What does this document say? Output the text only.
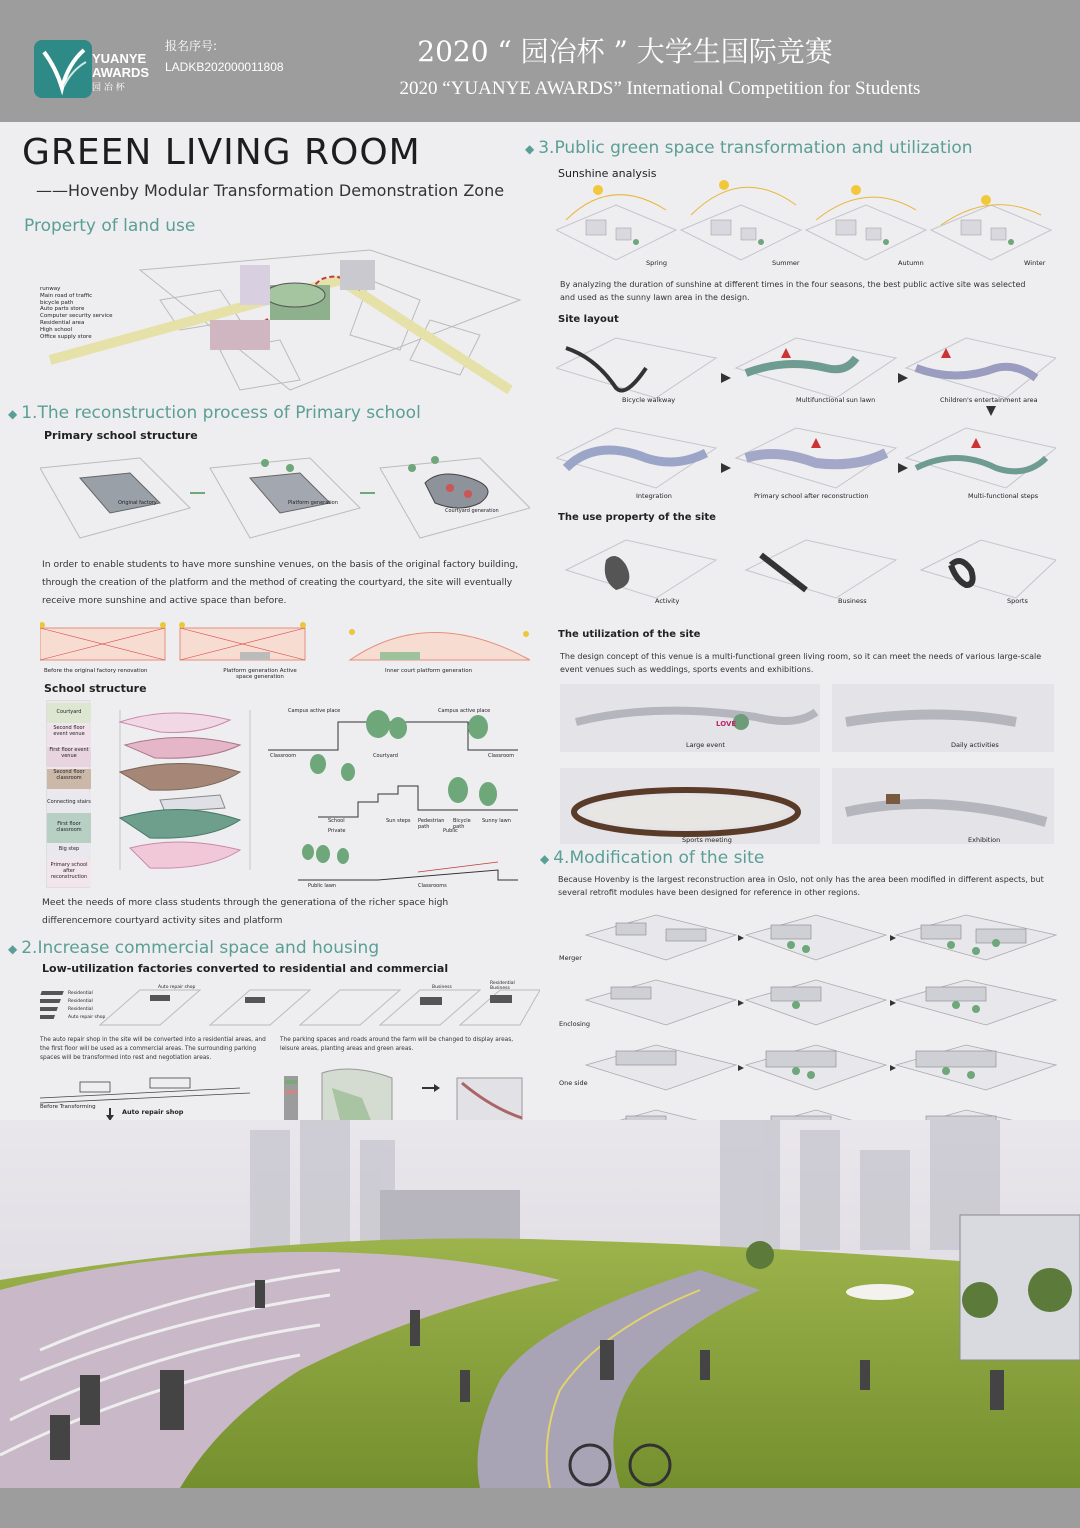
YUANYE
AWARDS
园 冶 杯
报名序号:
LADKB202000011808	2020 “ 园冶杯 ” 大学生国际竞赛
2020 “YUANYE AWARDS” International Competition for Students
GREEN LIVING ROOM
——Hovenby Modular Transformation Demonstration Zone
Property of land use
runway
Main road of traffic
bicycle path
Auto parts store
Computer security service
Residential area
High school
Office supply store
◆ 1.The reconstruction process of Primary school
Primary school structure
Original factory	Platform generation
Courtyard generation
In order to enable students to have more sunshine venues, on the basis of the original factory building, through the creation of the platform and the method of creating the courtyard, the site will eventually receive more sunshine and active space than before.
Before the original factory renovation	Platform generation Active space generation
Inner court platform generation
School structure
Courtyard
Second floor event venue
First floor event venue
Second floor classroom
Connecting stairs
First floor classroom
Big step
Primary school after reconstruction
Campus active place	Campus active place
Classroom	Courtyard	Classroom
School	Sun steps Pedestrian path
Bicycle path
Sunny lawn
Private	Public
Public lawn	Classrooms
Meet the needs of more class students through the generationa of the richer space high differencemore courtyard activity sites and platform
◆ 2.Increase commercial space and housing
Low-utilization factories converted to residential and commercial
Residential
Residential
Residential
Auto repair shop
Auto repair shop	Business
Residential Business
The auto repair shop in the site will be converted into a residential areas, and the first floor will be used as a commercial areas. The surrounding parking spaces will be transformed into rest and negotiation areas.
The parking spaces and roads around the farm will be changed to display areas, leisure areas, planting areas and green areas.
Before Transforming
Auto repair shop
◆ 3.Public green space transformation and utilization
Sunshine analysis
Spring	Summer	Autumn	Winter
By analyzing the duration of sunshine at different times in the four seasons, the best public active site was selected and used as the sunny lawn area in the design.
Site layout
Bicycle walkway	Multifunctional sun lawn	Children's entertainment area
Integration	Primary school after reconstruction	Multi-functional steps
The use property of the site
Activity	Business	Sports
The utilization of the site
The design concept of this venue is a multi-functional green living room, so it can meet the needs of various large-scale event venues such as weddings, sports events and exhibitions.
LOVE
Large event	Daily activities
Sports meeting	Exhibition
◆ 4.Modification of the site
Because Hovenby is the largest reconstruction area in Oslo, not only has the area been modified in different aspects, but several retrofit modules have been designed for reference in other regions.
Merger
Enclosing
One side
